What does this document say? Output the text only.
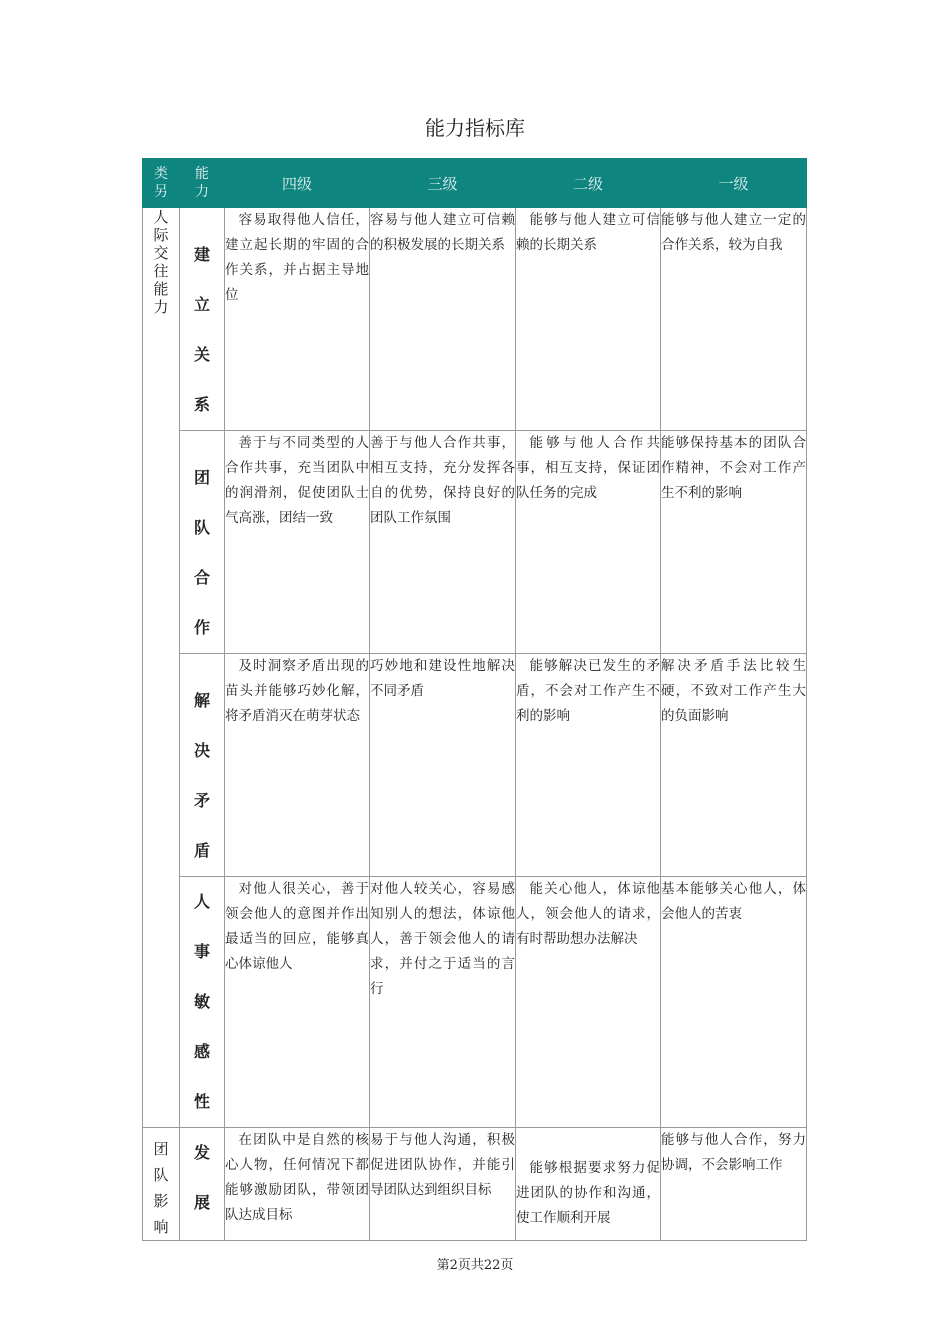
能力指标库
类另	能力	四级	三级	二级	一级

人际交往能力	建立关系	容易取得他人信任，建立起长期的牢固的合作关系，并占据主导地位	容易与他人建立可信赖的积极发展的长期关系	能够与他人建立可信赖的长期关系	能够与他人建立一定的合作关系，较为自我

	团队合作	善于与不同类型的人合作共事，充当团队中的润滑剂，促使团队士气高涨，团结一致	善于与他人合作共事，相互支持，充分发挥各自的优势，保持良好的团队工作氛围	能够与他人合作共事，相互支持，保证团队任务的完成	能够保持基本的团队合作精神，不会对工作产生不利的影响

	解决矛盾	及时洞察矛盾出现的苗头并能够巧妙化解，将矛盾消灭在萌芽状态	巧妙地和建设性地解决不同矛盾	能够解决已发生的矛盾，不会对工作产生不利的影响	解决矛盾手法比较生硬，不致对工作产生大的负面影响

	人事敏感性	对他人很关心，善于领会他人的意图并作出最适当的回应，能够真心体谅他人	对他人较关心，容易感知别人的想法，体谅他人，善于领会他人的请求，并付之于适当的言行	能关心他人，体谅他人，领会他人的请求，有时帮助想办法解决	基本能够关心他人，体会他人的苦衷

团队影响	发展	在团队中是自然的核心人物，任何情况下都能够激励团队，带领团队达成目标	易于与他人沟通，积极促进团队协作，并能引导团队达到组织目标	能够根据要求努力促进团队的协作和沟通，使工作顺利开展	能够与他人合作，努力协调，不会影响工作
第2页共22页
